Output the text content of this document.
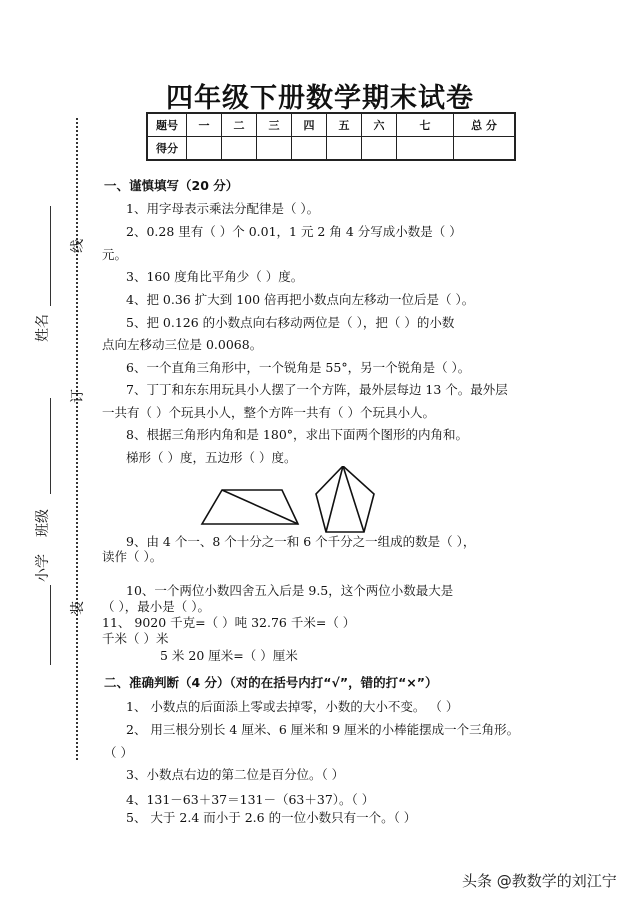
四年级下册数学期末试卷
题号	一	二	三	四	五	六	七	总 分
得分								
线
订
装
姓名
班级
小学
一、谨慎填写（20 分）
1、用字母表示乘法分配律是（ ）。
2、0.28 里有（ ）个 0.01，1 元 2 角 4 分写成小数是（ ）
元。
3、160 度角比平角少（ ）度。
4、把 0.36 扩大到 100 倍再把小数点向左移动一位后是（ ）。
5、把 0.126 的小数点向右移动两位是（ ），把（ ）的小数
点向左移动三位是 0.0068。
6、一个直角三角形中，一个锐角是 55°，另一个锐角是（ ）。
7、丁丁和东东用玩具小人摆了一个方阵，最外层每边 13 个。最外层
一共有（ ）个玩具小人，整个方阵一共有（ ）个玩具小人。
8、根据三角形内角和是 180°，求出下面两个图形的内角和。
梯形（ ）度，五边形（ ）度。
9、由 4 个一、8 个十分之一和 6 个千分之一组成的数是（ ），
读作（ ）。
10、一个两位小数四舍五入后是 9.5，这个两位小数最大是
（ ），最小是（ ）。
11、 9020 千克=（ ）吨 32.76 千米=（ ）
千米（ ）米
5 米 20 厘米=（ ）厘米
二、准确判断（4 分）（对的在括号内打“√”，错的打“×”）
1、 小数点的后面添上零或去掉零，小数的大小不变。 （ ）
2、 用三根分别长 4 厘米、6 厘米和 9 厘米的小棒能摆成一个三角形。
（ ）
3、小数点右边的第二位是百分位。（ ）
4、131－63＋37＝131－（63＋37）。（ ）
5、 大于 2.4 而小于 2.6 的一位小数只有一个。（ ）
头条 @教数学的刘江宁
